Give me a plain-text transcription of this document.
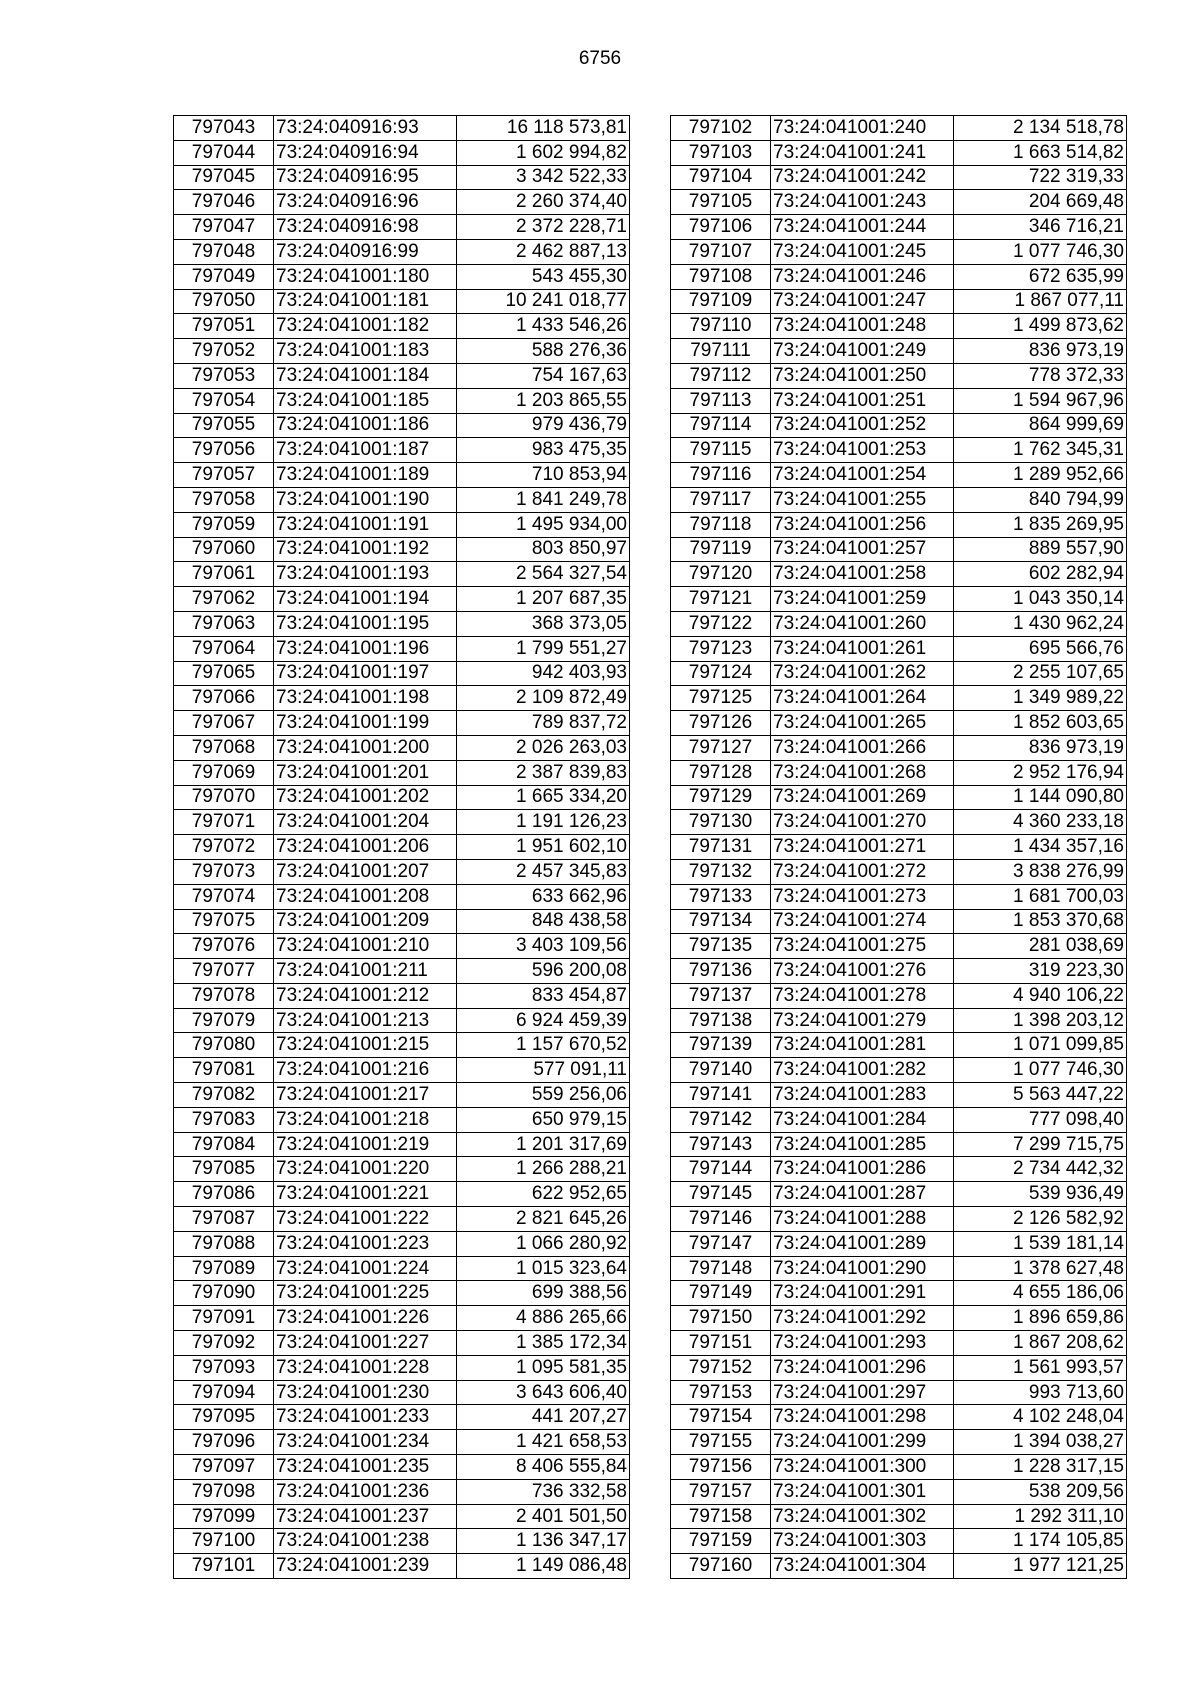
6756
797043	73:24:040916:93	16 118 573,81
797044	73:24:040916:94	1 602 994,82
797045	73:24:040916:95	3 342 522,33
797046	73:24:040916:96	2 260 374,40
797047	73:24:040916:98	2 372 228,71
797048	73:24:040916:99	2 462 887,13
797049	73:24:041001:180	543 455,30
797050	73:24:041001:181	10 241 018,77
797051	73:24:041001:182	1 433 546,26
797052	73:24:041001:183	588 276,36
797053	73:24:041001:184	754 167,63
797054	73:24:041001:185	1 203 865,55
797055	73:24:041001:186	979 436,79
797056	73:24:041001:187	983 475,35
797057	73:24:041001:189	710 853,94
797058	73:24:041001:190	1 841 249,78
797059	73:24:041001:191	1 495 934,00
797060	73:24:041001:192	803 850,97
797061	73:24:041001:193	2 564 327,54
797062	73:24:041001:194	1 207 687,35
797063	73:24:041001:195	368 373,05
797064	73:24:041001:196	1 799 551,27
797065	73:24:041001:197	942 403,93
797066	73:24:041001:198	2 109 872,49
797067	73:24:041001:199	789 837,72
797068	73:24:041001:200	2 026 263,03
797069	73:24:041001:201	2 387 839,83
797070	73:24:041001:202	1 665 334,20
797071	73:24:041001:204	1 191 126,23
797072	73:24:041001:206	1 951 602,10
797073	73:24:041001:207	2 457 345,83
797074	73:24:041001:208	633 662,96
797075	73:24:041001:209	848 438,58
797076	73:24:041001:210	3 403 109,56
797077	73:24:041001:211	596 200,08
797078	73:24:041001:212	833 454,87
797079	73:24:041001:213	6 924 459,39
797080	73:24:041001:215	1 157 670,52
797081	73:24:041001:216	577 091,11
797082	73:24:041001:217	559 256,06
797083	73:24:041001:218	650 979,15
797084	73:24:041001:219	1 201 317,69
797085	73:24:041001:220	1 266 288,21
797086	73:24:041001:221	622 952,65
797087	73:24:041001:222	2 821 645,26
797088	73:24:041001:223	1 066 280,92
797089	73:24:041001:224	1 015 323,64
797090	73:24:041001:225	699 388,56
797091	73:24:041001:226	4 886 265,66
797092	73:24:041001:227	1 385 172,34
797093	73:24:041001:228	1 095 581,35
797094	73:24:041001:230	3 643 606,40
797095	73:24:041001:233	441 207,27
797096	73:24:041001:234	1 421 658,53
797097	73:24:041001:235	8 406 555,84
797098	73:24:041001:236	736 332,58
797099	73:24:041001:237	2 401 501,50
797100	73:24:041001:238	1 136 347,17
797101	73:24:041001:239	1 149 086,48
797102	73:24:041001:240	2 134 518,78
797103	73:24:041001:241	1 663 514,82
797104	73:24:041001:242	722 319,33
797105	73:24:041001:243	204 669,48
797106	73:24:041001:244	346 716,21
797107	73:24:041001:245	1 077 746,30
797108	73:24:041001:246	672 635,99
797109	73:24:041001:247	1 867 077,11
797110	73:24:041001:248	1 499 873,62
797111	73:24:041001:249	836 973,19
797112	73:24:041001:250	778 372,33
797113	73:24:041001:251	1 594 967,96
797114	73:24:041001:252	864 999,69
797115	73:24:041001:253	1 762 345,31
797116	73:24:041001:254	1 289 952,66
797117	73:24:041001:255	840 794,99
797118	73:24:041001:256	1 835 269,95
797119	73:24:041001:257	889 557,90
797120	73:24:041001:258	602 282,94
797121	73:24:041001:259	1 043 350,14
797122	73:24:041001:260	1 430 962,24
797123	73:24:041001:261	695 566,76
797124	73:24:041001:262	2 255 107,65
797125	73:24:041001:264	1 349 989,22
797126	73:24:041001:265	1 852 603,65
797127	73:24:041001:266	836 973,19
797128	73:24:041001:268	2 952 176,94
797129	73:24:041001:269	1 144 090,80
797130	73:24:041001:270	4 360 233,18
797131	73:24:041001:271	1 434 357,16
797132	73:24:041001:272	3 838 276,99
797133	73:24:041001:273	1 681 700,03
797134	73:24:041001:274	1 853 370,68
797135	73:24:041001:275	281 038,69
797136	73:24:041001:276	319 223,30
797137	73:24:041001:278	4 940 106,22
797138	73:24:041001:279	1 398 203,12
797139	73:24:041001:281	1 071 099,85
797140	73:24:041001:282	1 077 746,30
797141	73:24:041001:283	5 563 447,22
797142	73:24:041001:284	777 098,40
797143	73:24:041001:285	7 299 715,75
797144	73:24:041001:286	2 734 442,32
797145	73:24:041001:287	539 936,49
797146	73:24:041001:288	2 126 582,92
797147	73:24:041001:289	1 539 181,14
797148	73:24:041001:290	1 378 627,48
797149	73:24:041001:291	4 655 186,06
797150	73:24:041001:292	1 896 659,86
797151	73:24:041001:293	1 867 208,62
797152	73:24:041001:296	1 561 993,57
797153	73:24:041001:297	993 713,60
797154	73:24:041001:298	4 102 248,04
797155	73:24:041001:299	1 394 038,27
797156	73:24:041001:300	1 228 317,15
797157	73:24:041001:301	538 209,56
797158	73:24:041001:302	1 292 311,10
797159	73:24:041001:303	1 174 105,85
797160	73:24:041001:304	1 977 121,25
